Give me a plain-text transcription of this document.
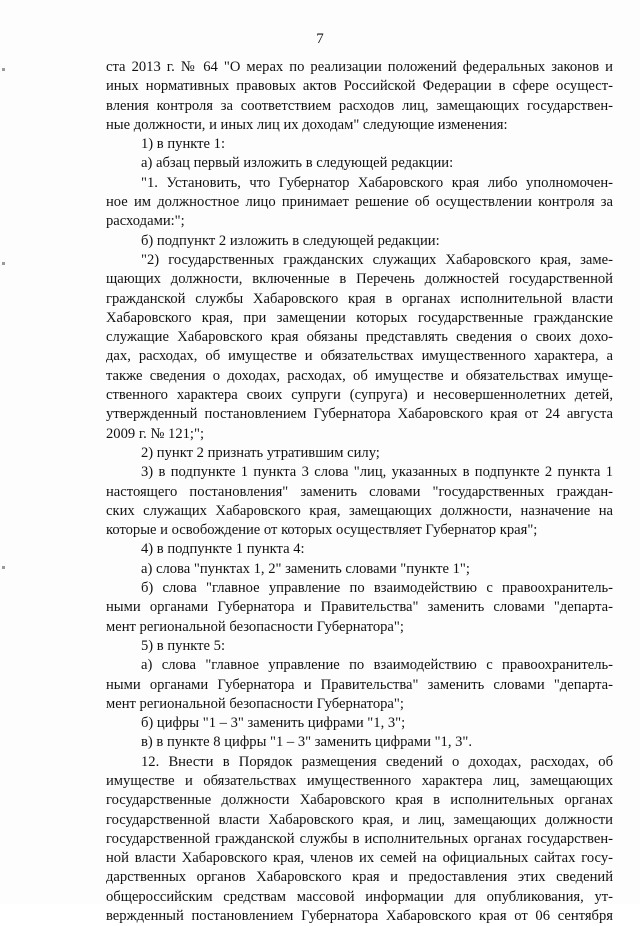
7

ста 2013 г. № 64 "О мерах по реализации положений федеральных законов и

иных нормативных правовых актов Российской Федерации в сфере осущест-

вления контроля за соответствием расходов лиц, замещающих государствен-

ные должности, и иных лиц их доходам" следующие изменения:

1) в пункте 1:

а) абзац первый изложить в следующей редакции:

"1. Установить, что Губернатор Хабаровского края либо уполномочен-

ное им должностное лицо принимает решение об осуществлении контроля за

расходами:";

б) подпункт 2 изложить в следующей редакции:

"2) государственных гражданских служащих Хабаровского края, заме-

щающих должности, включенные в Перечень должностей государственной

гражданской службы Хабаровского края в органах исполнительной власти

Хабаровского края, при замещении которых государственные гражданские

служащие Хабаровского края обязаны представлять сведения о своих дохо-

дах, расходах, об имуществе и обязательствах имущественного характера, а

также сведения о доходах, расходах, об имуществе и обязательствах имуще-

ственного характера своих супруги (супруга) и несовершеннолетних детей,

утвержденный постановлением Губернатора Хабаровского края от 24 августа

2009 г. № 121;";

2) пункт 2 признать утратившим силу;

3) в подпункте 1 пункта 3 слова "лиц, указанных в подпункте 2 пункта 1

настоящего постановления" заменить словами "государственных граждан-

ских служащих Хабаровского края, замещающих должности, назначение на

которые и освобождение от которых осуществляет Губернатор края";

4) в подпункте 1 пункта 4:

а) слова "пунктах 1, 2" заменить словами "пункте 1";

б) слова "главное управление по взаимодействию с правоохранитель-

ными органами Губернатора и Правительства" заменить словами "департа-

мент региональной безопасности Губернатора";

5) в пункте 5:

а) слова "главное управление по взаимодействию с правоохранитель-

ными органами Губернатора и Правительства" заменить словами "департа-

мент региональной безопасности Губернатора";

б) цифры "1 – 3" заменить цифрами "1, 3";

в) в пункте 8 цифры "1 – 3" заменить цифрами "1, 3".

12. Внести в Порядок размещения сведений о доходах, расходах, об

имуществе и обязательствах имущественного характера лиц, замещающих

государственные должности Хабаровского края в исполнительных органах

государственной власти Хабаровского края, и лиц, замещающих должности

государственной гражданской службы в исполнительных органах государствен-

ной власти Хабаровского края, членов их семей на официальных сайтах госу-

дарственных органов Хабаровского края и предоставления этих сведений

общероссийским средствам массовой информации для опубликования, ут-

вержденный постановлением Губернатора Хабаровского края от 06 сентября
